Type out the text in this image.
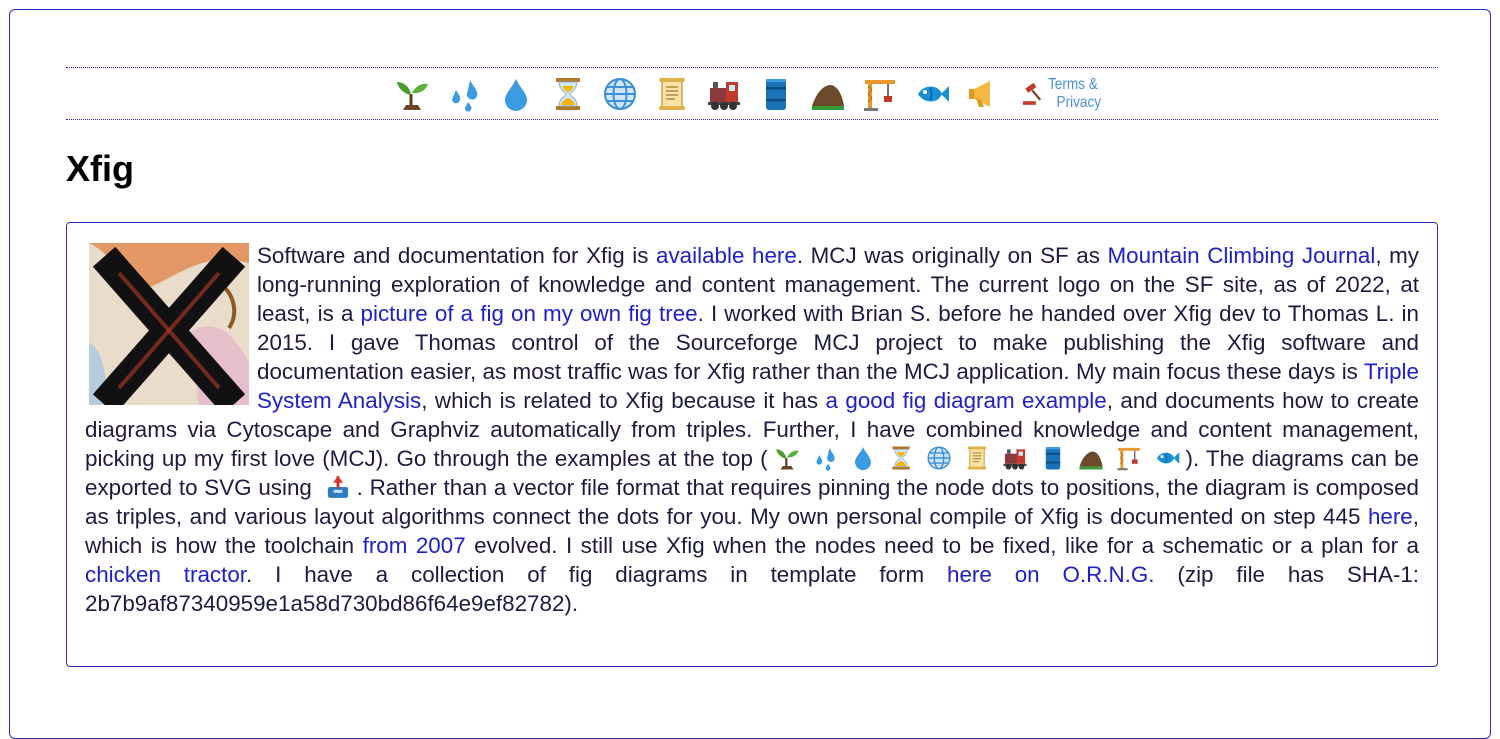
Terms &
Privacy
Xfig

Software and documentation for Xfig is available here. MCJ was originally on SF as Mountain Climbing Journal, my long-running exploration of knowledge and content management. The current logo on the SF site, as of 2022, at least, is a picture of a fig on my own fig tree. I worked with Brian S. before he handed over Xfig dev to Thomas L. in 2015. I gave Thomas control of the Sourceforge MCJ project to make publishing the Xfig software and documentation easier, as most traffic was for Xfig rather than the MCJ application. My main focus these days is Triple System Analysis, which is related to Xfig because it has a good fig diagram example, and documents how to create diagrams via Cytoscape and Graphviz automatically from triples. Further, I have combined knowledge and content management, picking up my first love (MCJ). Go through the examples at the top (	). The diagrams can be exported to SVG using
. Rather than a vector file format that requires pinning the node dots to positions, the diagram is composed as triples, and various layout algorithms connect the dots for you. My own personal compile of Xfig is documented on step 445 here, which is how the toolchain from 2007 evolved. I still use Xfig when the nodes need to be fixed, like for a schematic or a plan for a chicken tractor. I have a collection of fig diagrams in template form here on O.R.N.G. (zip file has SHA-1: 2b7b9af87340959e1a58d730bd86f64e9ef82782).
